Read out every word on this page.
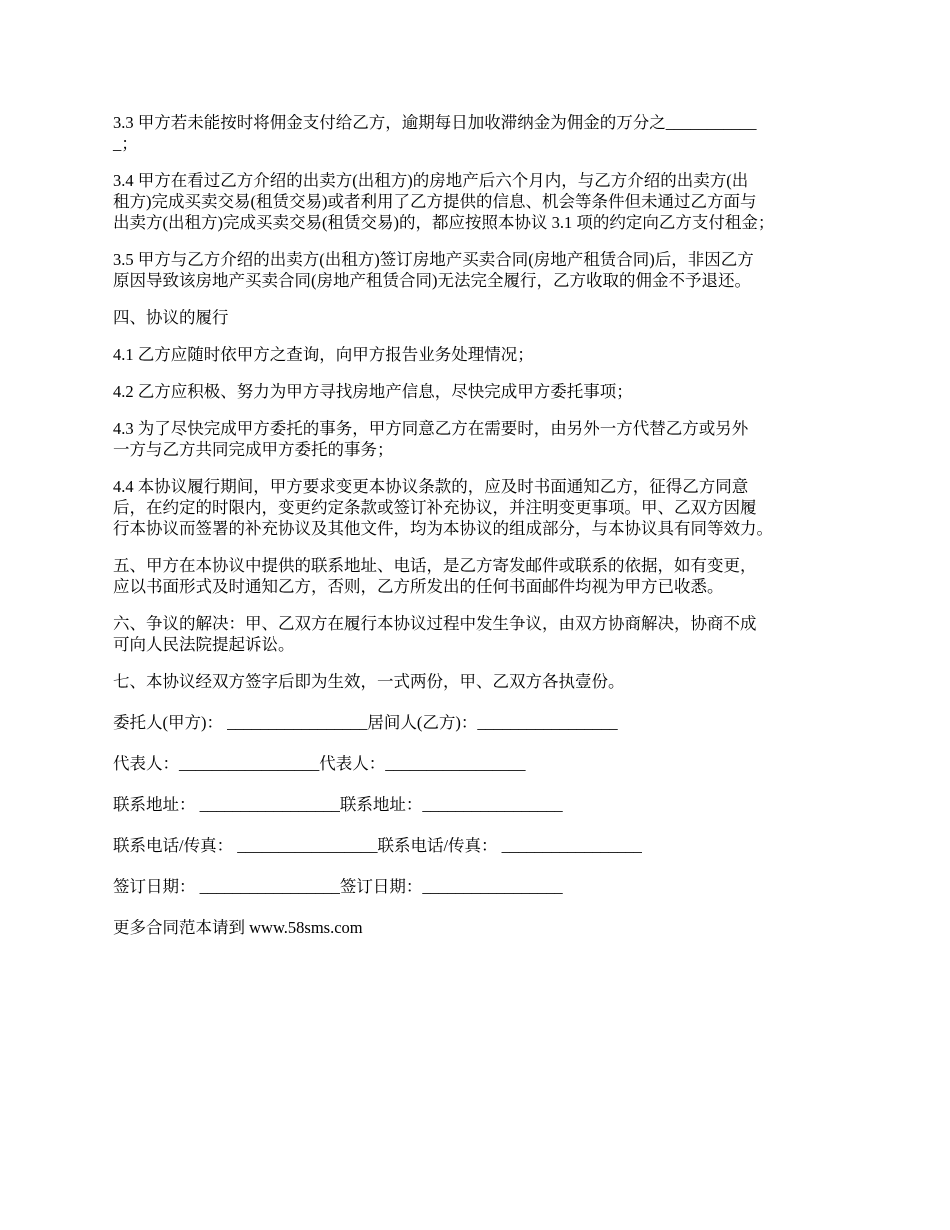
3.3 甲方若未能按时将佣金支付给乙方，逾期每日加收滞纳金为佣金的万分之___________
_；
3.4 甲方在看过乙方介绍的出卖方(出租方)的房地产后六个月内，与乙方介绍的出卖方(出
租方)完成买卖交易(租赁交易)或者利用了乙方提供的信息、机会等条件但未通过乙方面与
出卖方(出租方)完成买卖交易(租赁交易)的，都应按照本协议 3.1 项的约定向乙方支付租金；
3.5 甲方与乙方介绍的出卖方(出租方)签订房地产买卖合同(房地产租赁合同)后，非因乙方
原因导致该房地产买卖合同(房地产租赁合同)无法完全履行，乙方收取的佣金不予退还。
四、协议的履行
4.1 乙方应随时依甲方之查询，向甲方报告业务处理情况；
4.2 乙方应积极、努力为甲方寻找房地产信息，尽快完成甲方委托事项；
4.3 为了尽快完成甲方委托的事务，甲方同意乙方在需要时，由另外一方代替乙方或另外
一方与乙方共同完成甲方委托的事务；
4.4 本协议履行期间，甲方要求变更本协议条款的，应及时书面通知乙方，征得乙方同意
后，在约定的时限内，变更约定条款或签订补充协议，并注明变更事项。甲、乙双方因履
行本协议而签署的补充协议及其他文件，均为本协议的组成部分，与本协议具有同等效力。
五、甲方在本协议中提供的联系地址、电话，是乙方寄发邮件或联系的依据，如有变更，
应以书面形式及时通知乙方，否则，乙方所发出的任何书面邮件均视为甲方已收悉。
六、争议的解决：甲、乙双方在履行本协议过程中发生争议，由双方协商解决，协商不成
可向人民法院提起诉讼。
七、本协议经双方签字后即为生效，一式两份，甲、乙双方各执壹份。
委托人(甲方)： _________________居间人(乙方)：_________________
代表人：_________________代表人：_________________
联系地址： _________________联系地址：_________________
联系电话/传真： _________________联系电话/传真： _________________
签订日期： _________________签订日期：_________________
更多合同范本请到 www.58sms.com
